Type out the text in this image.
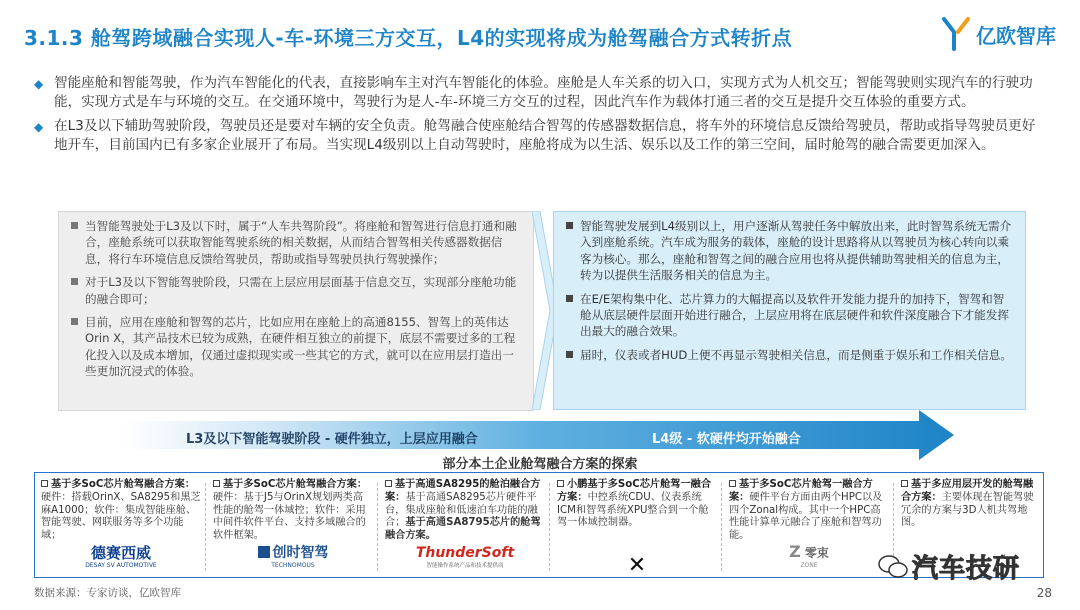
3.1.3 舱驾跨域融合实现人-车-环境三方交互，L4的实现将成为舱驾融合方式转折点	亿欧智库

◆ 智能座舱和智能驾驶，作为汽车智能化的代表，直接影响车主对汽车智能化的体验。座舱是人车关系的切入口，实现方式为人机交互；智能驾驶则实现汽车的行驶功能，实现方式是车与环境的交互。在交通环境中，驾驶行为是人-车-环境三方交互的过程，因此汽车作为载体打通三者的交互是提升交互体验的重要方式。

◆ 在L3及以下辅助驾驶阶段，驾驶员还是要对车辆的安全负责。舱驾融合使座舱结合智驾的传感器数据信息，将车外的环境信息反馈给驾驶员，帮助或指导驾驶员更好地开车，目前国内已有多家企业展开了布局。当实现L4级别以上自动驾驶时，座舱将成为以生活、娱乐以及工作的第三空间，届时舱驾的融合需要更加深入。

当智能驾驶处于L3及以下时，属于“人车共驾阶段”。将座舱和智驾进行信息打通和融合，座舱系统可以获取智能驾驶系统的相关数据，从而结合智驾相关传感器数据信息，将行车环境信息反馈给驾驶员，帮助或指导驾驶员执行驾驶操作；

对于L3及以下智能驾驶阶段，只需在上层应用层面基于信息交互，实现部分座舱功能的融合即可；

目前，应用在座舱和智驾的芯片，比如应用在座舱上的高通8155、智驾上的英伟达Orin X，其产品技术已较为成熟，在硬件相互独立的前提下，底层不需要过多的工程化投入以及成本增加，仅通过虚拟现实或一些其它的方式，就可以在应用层打造出一些更加沉浸式的体验。

智能驾驶发展到L4级别以上，用户逐渐从驾驶任务中解放出来，此时智驾系统无需介入到座舱系统。汽车成为服务的载体，座舱的设计思路将从以驾驶员为核心转向以乘客为核心。那么，座舱和智驾之间的融合应用也将从提供辅助驾驶相关的信息为主，转为以提供生活服务相关的信息为主。

在E/E架构集中化、芯片算力的大幅提高以及软件开发能力提升的加持下，智驾和智舱从底层硬件层面开始进行融合，上层应用将在底层硬件和软件深度融合下才能发挥出最大的融合效果。

届时，仪表或者HUD上便不再显示驾驶相关信息，而是侧重于娱乐和工作相关信息。

L3及以下智能驾驶阶段 - 硬件独立，上层应用融合	L4级 - 软硬件均开始融合
部分本土企业舱驾融合方案的探索
基于多SoC芯片舱驾融合方案：硬件：搭载OrinX、SA8295和黑芝麻A1000；软件：集成智能座舱、智能驾驶、网联服务等多个功能域；
德赛西威
DESAY SV AUTOMOTIVE
基于多SoC芯片舱驾融合方案：硬件：基于J5与OrinX规划两类高性能的舱驾一体域控；软件：采用中间件软件平台、支持多域融合的软件框架。
创时智驾
TECHNOMOUS
基于高通SA8295的舱泊融合方案：基于高通SA8295芯片硬件平台，集成座舱和低速泊车功能的融合；基于高通SA8795芯片的舱驾融合方案。
ThunderSoft
智能操作系统产品和技术提供商
小鹏基于多SoC芯片舱驾一融合方案：中控系统CDU、仪表系统ICM和智驾系统XPU整合到一个舱驾一体域控制器。
✕
基于多SoC芯片舱驾一融合方案：硬件平台方面由两个HPC以及四个Zonal构成。其中一个HPC高性能计算单元融合了座舱和智驾功能。
Z 零束
ZONE
基于多应用层开发的舱驾融合方案：主要体现在智能驾驶冗余的方案与3D人机共驾地图。
数据来源：专家访谈，亿欧智库
汽车技研
28
